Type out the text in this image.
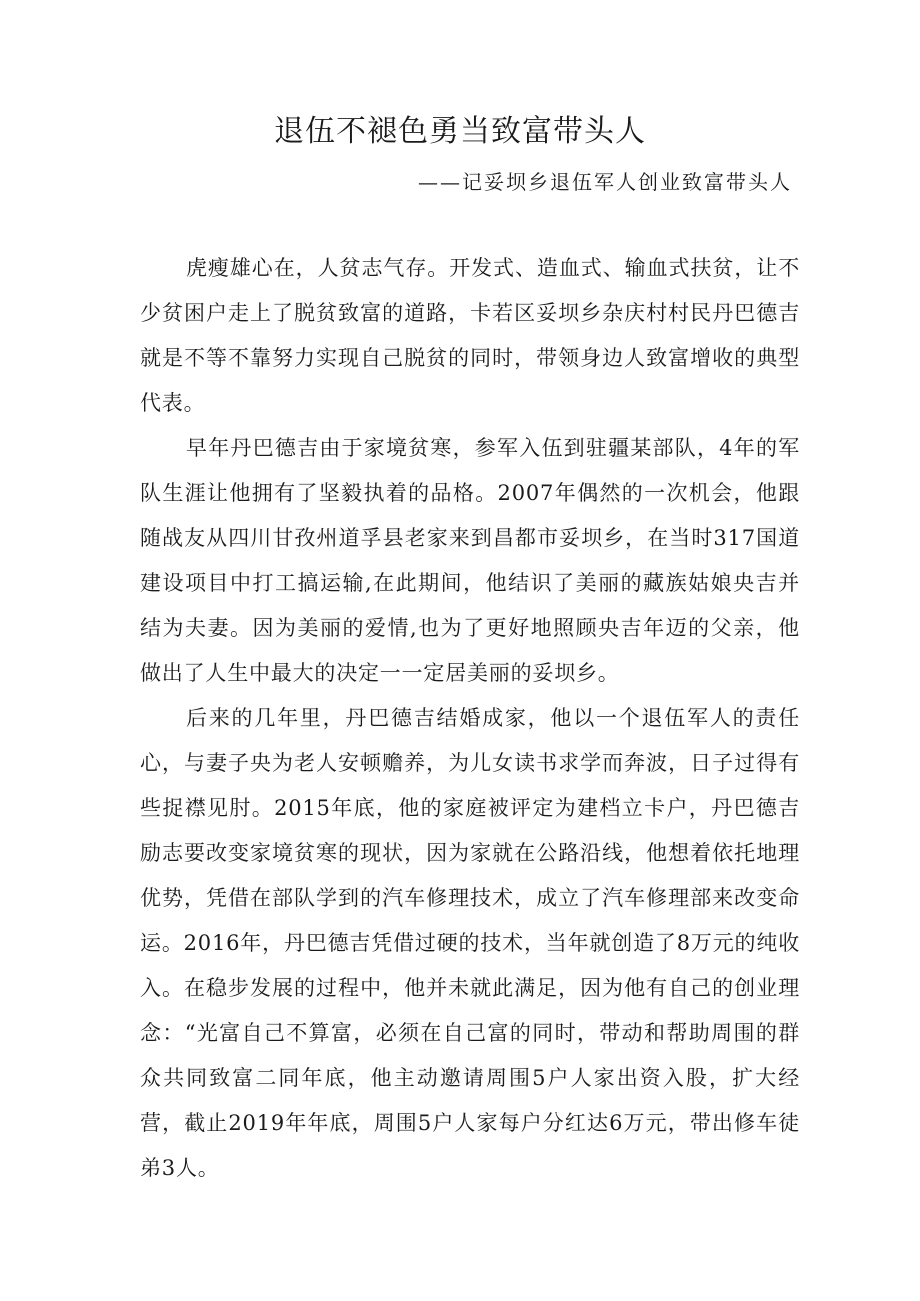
退伍不褪色勇当致富带头人
——记妥坝乡退伍军人创业致富带头人

虎瘦雄心在，人贫志气存。开发式、造血式、输血式扶贫，让不少贫困户走上了脱贫致富的道路，卡若区妥坝乡杂庆村村民丹巴德吉就是不等不靠努力实现自己脱贫的同时，带领身边人致富增收的典型代表。

早年丹巴德吉由于家境贫寒，参军入伍到驻疆某部队，4年的军队生涯让他拥有了坚毅执着的品格。2007年偶然的一次机会，他跟随战友从四川甘孜州道孚县老家来到昌都市妥坝乡，在当时317国道建设项目中打工搞运输,在此期间，他结识了美丽的藏族姑娘央吉并结为夫妻。因为美丽的爱情,也为了更好地照顾央吉年迈的父亲，他做出了人生中最大的决定一一定居美丽的妥坝乡。

后来的几年里，丹巴德吉结婚成家，他以一个退伍军人的责任心，与妻子央为老人安顿赡养，为儿女读书求学而奔波，日子过得有些捉襟见肘。2015年底，他的家庭被评定为建档立卡户，丹巴德吉励志要改变家境贫寒的现状，因为家就在公路沿线，他想着依托地理优势，凭借在部队学到的汽车修理技术，成立了汽车修理部来改变命运。2016年，丹巴德吉凭借过硬的技术，当年就创造了8万元的纯收入。在稳步发展的过程中，他并未就此满足，因为他有自己的创业理念：“光富自己不算富，必须在自己富的同时，带动和帮助周围的群众共同致富二同年底，他主动邀请周围5户人家出资入股，扩大经营，截止2019年年底，周围5户人家每户分红达6万元，带出修车徒弟3人。
